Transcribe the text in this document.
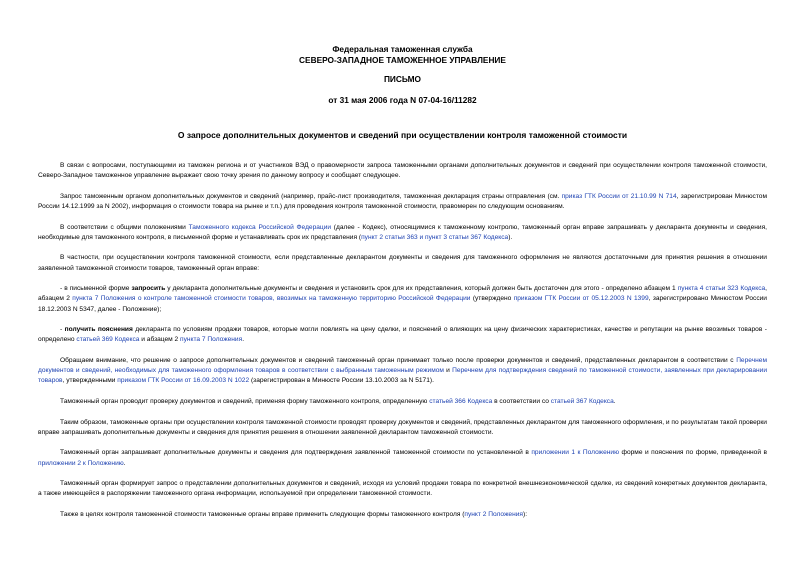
Федеральная таможенная служба
СЕВЕРО-ЗАПАДНОЕ ТАМОЖЕННОЕ УПРАВЛЕНИЕ
ПИСЬМО
от 31 мая 2006 года N 07-04-16/11282
О запросе дополнительных документов и сведений при осуществлении контроля таможенной стоимости

В связи с вопросами, поступающими из таможен региона и от участников ВЭД о правомерности запроса таможенными органами дополнительных документов и сведений при осуществлении контроля таможенной стоимости, Северо-Западное таможенное управление выражает свою точку зрения по данному вопросу и сообщает следующее.

Запрос таможенным органом дополнительных документов и сведений (например, прайс-лист производителя, таможенная декларация страны отправления (см. приказ ГТК России от 21.10.99 N 714, зарегистрирован Минюстом России 14.12.1999 за N 2002), информация о стоимости товара на рынке и т.п.) для проведения контроля таможенной стоимости, правомерен по следующим основаниям.

В соответствии с общими положениями Таможенного кодекса Российской Федерации (далее - Кодекс), относящимися к таможенному контролю, таможенный орган вправе запрашивать у декларанта документы и сведения, необходимые для таможенного контроля, в письменной форме и устанавливать срок их представления (пункт 2 статьи 363 и пункт 3 статьи 367 Кодекса).

В частности, при осуществлении контроля таможенной стоимости, если представленные декларантом документы и сведения для таможенного оформления не являются достаточными для принятия решения в отношении заявленной таможенной стоимости товаров, таможенный орган вправе:

- в письменной форме запросить у декларанта дополнительные документы и сведения и установить срок для их представления, который должен быть достаточен для этого - определено абзацем 1 пункта 4 статьи 323 Кодекса, абзацем 2 пункта 7 Положения о контроле таможенной стоимости товаров, ввозимых на таможенную территорию Российской Федерации (утверждено приказом ГТК России от 05.12.2003 N 1399, зарегистрировано Минюстом России 18.12.2003 N 5347, далее - Положение);

- получить пояснения декларанта по условиям продажи товаров, которые могли повлиять на цену сделки, и пояснений о влияющих на цену физических характеристиках, качестве и репутации на рынке ввозимых товаров - определено статьей 369 Кодекса и абзацем 2 пункта 7 Положения.

Обращаем внимание, что решение о запросе дополнительных документов и сведений таможенный орган принимает только после проверки документов и сведений, представленных декларантом в соответствии с Перечнем документов и сведений, необходимых для таможенного оформления товаров в соответствии с выбранным таможенным режимом и Перечнем для подтверждения сведений по таможенной стоимости, заявленных при декларировании товаров, утвержденными приказом ГТК России от 16.09.2003 N 1022 (зарегистрирован в Минюсте России 13.10.2003 за N 5171).

Таможенный орган проводит проверку документов и сведений, применяя форму таможенного контроля, определенную статьей 366 Кодекса в соответствии со статьей 367 Кодекса.

Таким образом, таможенные органы при осуществлении контроля таможенной стоимости проводят проверку документов и сведений, представленных декларантом для таможенного оформления, и по результатам такой проверки вправе запрашивать дополнительные документы и сведения для принятия решения в отношении заявленной декларантом таможенной стоимости.

Таможенный орган запрашивает дополнительные документы и сведения для подтверждения заявленной таможенной стоимости по установленной в приложении 1 к Положению форме и пояснения по форме, приведенной в приложении 2 к Положению.

Таможенный орган формирует запрос о представлении дополнительных документов и сведений, исходя из условий продажи товара по конкретной внешнеэкономической сделке, из сведений конкретных документов декларанта, а также имеющейся в распоряжении таможенного органа информации, используемой при определении таможенной стоимости.

Также в целях контроля таможенной стоимости таможенные органы вправе применить следующие формы таможенного контроля (пункт 2 Положения):
